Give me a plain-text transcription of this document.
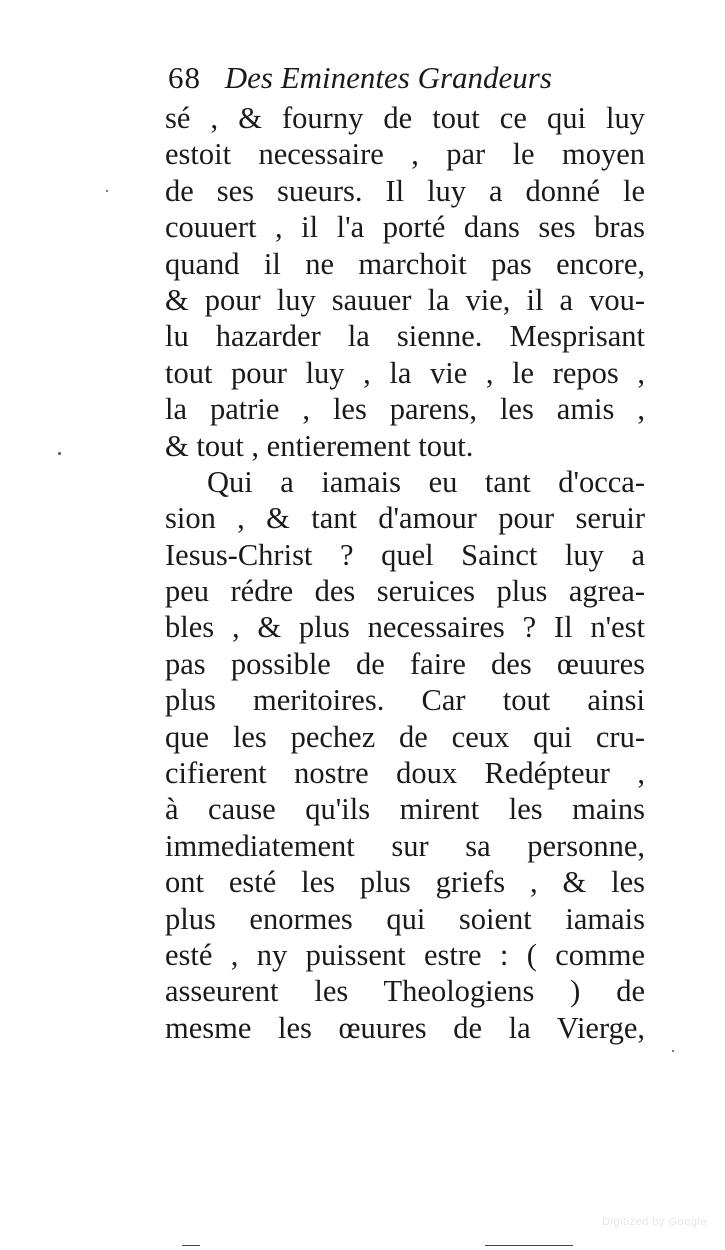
68 Des Eminentes Grandeurs
sé , & fourny de tout ce qui luy
estoit necessaire , par le moyen
de ses sueurs. Il luy a donné le
couuert , il l'a porté dans ses bras
quand il ne marchoit pas encore,
& pour luy sauuer la vie, il a vou-
lu hazarder la sienne. Mesprisant
tout pour luy , la vie , le repos ,
la patrie , les parens, les amis ,
& tout , entierement tout.
Qui a iamais eu tant d'occa-
sion , & tant d'amour pour seruir
Iesus-Christ ? quel Sainct luy a
peu rédre des seruices plus agrea-
bles , & plus necessaires ? Il n'est
pas possible de faire des œuures
plus meritoires. Car tout ainsi
que les pechez de ceux qui cru-
cifierent nostre doux Redépteur ,
à cause qu'ils mirent les mains
immediatement sur sa personne,
ont esté les plus griefs , & les
plus enormes qui soient iamais
esté , ny puissent estre : ( comme
asseurent les Theologiens ) de
mesme les œuures de la Vierge,
Digitized by Google
